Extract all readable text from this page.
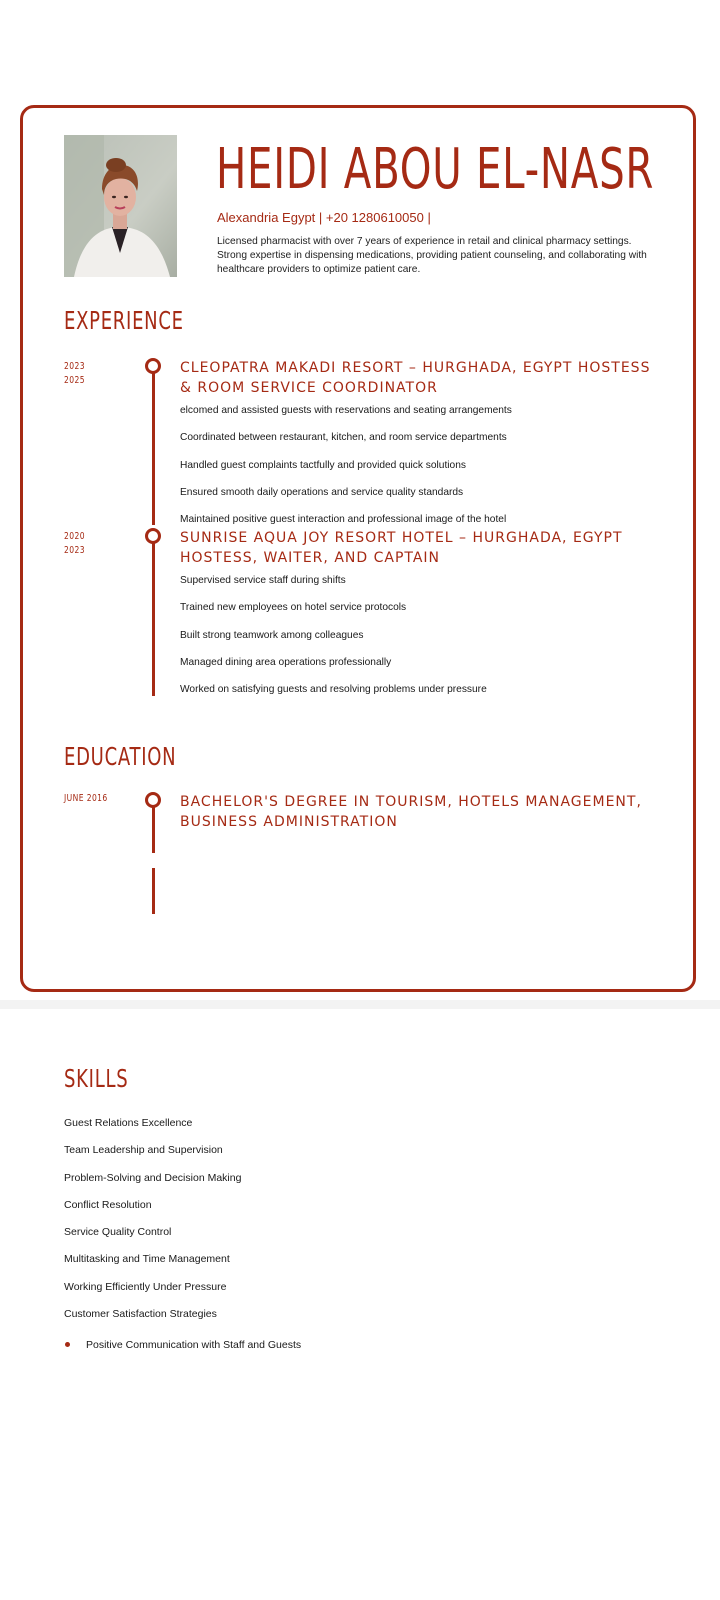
HEIDI ABOU EL-NASR
Alexandria Egypt | +20 1280610050 |
Licensed pharmacist with over 7 years of experience in retail and clinical pharmacy settings. Strong expertise in dispensing medications, providing patient counseling, and collaborating with healthcare providers to optimize patient care.
EXPERIENCE
2023
2025
CLEOPATRA MAKADI RESORT – HURGHADA, EGYPT HOSTESS & ROOM SERVICE COORDINATOR
elcomed and assisted guests with reservations and seating arrangements
Coordinated between restaurant, kitchen, and room service departments
Handled guest complaints tactfully and provided quick solutions
Ensured smooth daily operations and service quality standards
Maintained positive guest interaction and professional image of the hotel
2020
2023
SUNRISE AQUA JOY RESORT HOTEL – HURGHADA, EGYPT HOSTESS, WAITER, AND CAPTAIN
Supervised service staff during shifts
Trained new employees on hotel service protocols
Built strong teamwork among colleagues
Managed dining area operations professionally
Worked on satisfying guests and resolving problems under pressure
EDUCATION
JUNE 2016	BACHELOR'S DEGREE IN TOURISM, HOTELS MANAGEMENT, BUSINESS ADMINISTRATION
SKILLS
Guest Relations Excellence
Team Leadership and Supervision
Problem-Solving and Decision Making
Conflict Resolution
Service Quality Control
Multitasking and Time Management
Working Efficiently Under Pressure
Customer Satisfaction Strategies
Positive Communication with Staff and Guests
